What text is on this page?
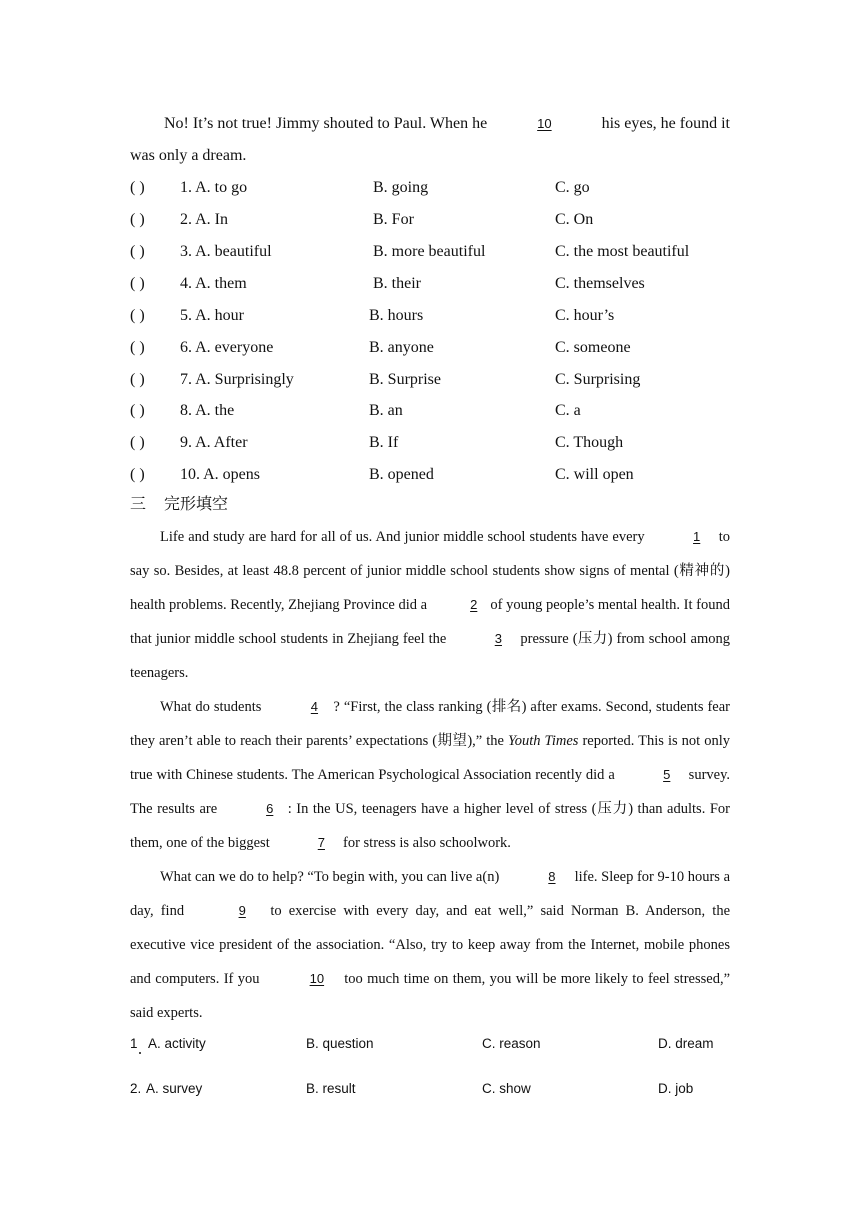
No! It’s not true! Jimmy shouted to Paul. When he	10	his eyes, he found it
was only a dream.
( ) 1. A. to go	B. going	C. go
( ) 2. A. In	B. For	C. On
( ) 3. A. beautiful	B. more beautiful	C. the most beautiful
( ) 4. A. them	B. their	C. themselves
( ) 5. A. hour	B. hours	C. hour’s
( ) 6. A. everyone	B. anyone	C. someone
( ) 7. A. Surprisingly	B. Surprise	C. Surprising
( ) 8. A. the	B. an	C. a
( ) 9. A. After	B. If	C. Though
( ) 10. A. opens	B. opened	C. will open
三 完形填空

Life and study are hard for all of us. And junior middle school students have every	1 to say so. Besides, at least 48.8 percent of junior middle school students show signs of mental (精神的) health problems. Recently, Zhejiang Province did a	2 of young people’s mental health. It found that junior middle school students in Zhejiang feel the	3 pressure (压力) from school among teenagers.

What do students	4 ? “First, the class ranking (排名) after exams. Second, students fear they aren’t able to reach their parents’ expectations (期望),” the Youth Times reported. This is not only true with Chinese students. The American Psychological Association recently did a	5 survey. The results are	6 : In the US, teenagers have a higher level of stress (压力) than adults. For them, one of the biggest	7 for stress is also schoolwork.

What can we do to help? “To begin with, you can live a(n)	8 life. Sleep for 9-10 hours a day, find	9 to exercise with every day, and eat well,” said Norman B. Anderson, the executive vice president of the association. “Also, try to keep away from the Internet, mobile phones and computers. If you	10 too much time on them, you will be more likely to feel stressed,” said experts.

1 A. activity	B. question	C. reason	D. dream
2. A. survey	B. result	C. show	D. job
